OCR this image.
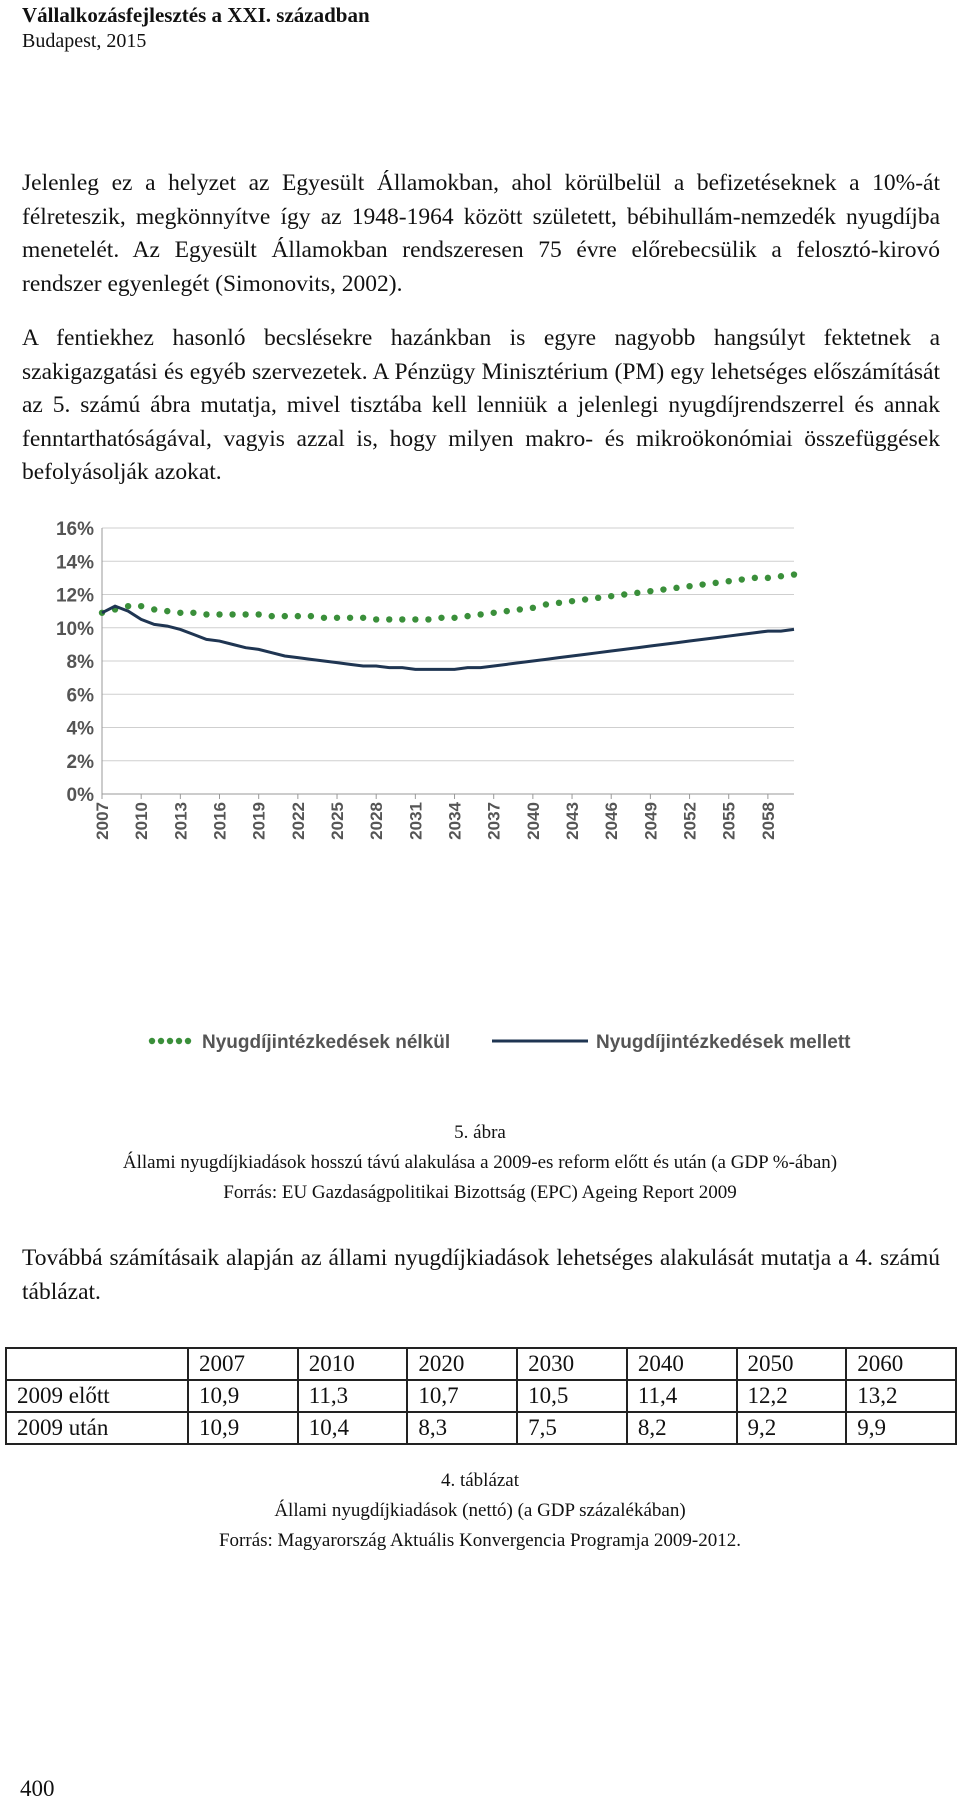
Vállalkozásfejlesztés a XXI. században
Budapest, 2015

Jelenleg ez a helyzet az Egyesült Államokban, ahol körülbelül a befizetéseknek a 10%-át félreteszik, megkönnyítve így az 1948-1964 között született, bébihullám-nemzedék nyugdíjba menetelét. Az Egyesült Államokban rendszeresen 75 évre előrebecsülik a felosztó-kirovó rendszer egyenlegét (Simonovits, 2002).

A fentiekhez hasonló becslésekre hazánkban is egyre nagyobb hangsúlyt fektetnek a szakigazgatási és egyéb szervezetek. A Pénzügy Minisztérium (PM) egy lehetséges előszámítását az 5. számú ábra mutatja, mivel tisztába kell lenniük a jelenlegi nyugdíjrendszerrel és annak fenntarthatóságával, vagyis azzal is, hogy milyen makro- és mikroökonómiai összefüggések befolyásolják azokat.

0%
2%
4%
6%
8%
10%
12%
14%
16%
2007 2010 2013 2016 2019 2022 2025 2028 2031 2034 2037 2040 2043 2046 2049 2052 2055 2058
Nyugdíjintézkedések nélkül	Nyugdíjintézkedések mellett
5. ábra
Állami nyugdíjkiadások hosszú távú alakulása a 2009-es reform előtt és után (a GDP %-ában)
Forrás: EU Gazdaságpolitikai Bizottság (EPC) Ageing Report 2009

Továbbá számításaik alapján az állami nyugdíjkiadások lehetséges alakulását mutatja a 4. számú táblázat.

	2007	2010	2020	2030	2040	2050	2060
2009 előtt	10,9	11,3	10,7	10,5	11,4	12,2	13,2
2009 után	10,9	10,4	8,3	7,5	8,2	9,2	9,9
4. táblázat
Állami nyugdíjkiadások (nettó) (a GDP százalékában)
Forrás: Magyarország Aktuális Konvergencia Programja 2009-2012.
400
